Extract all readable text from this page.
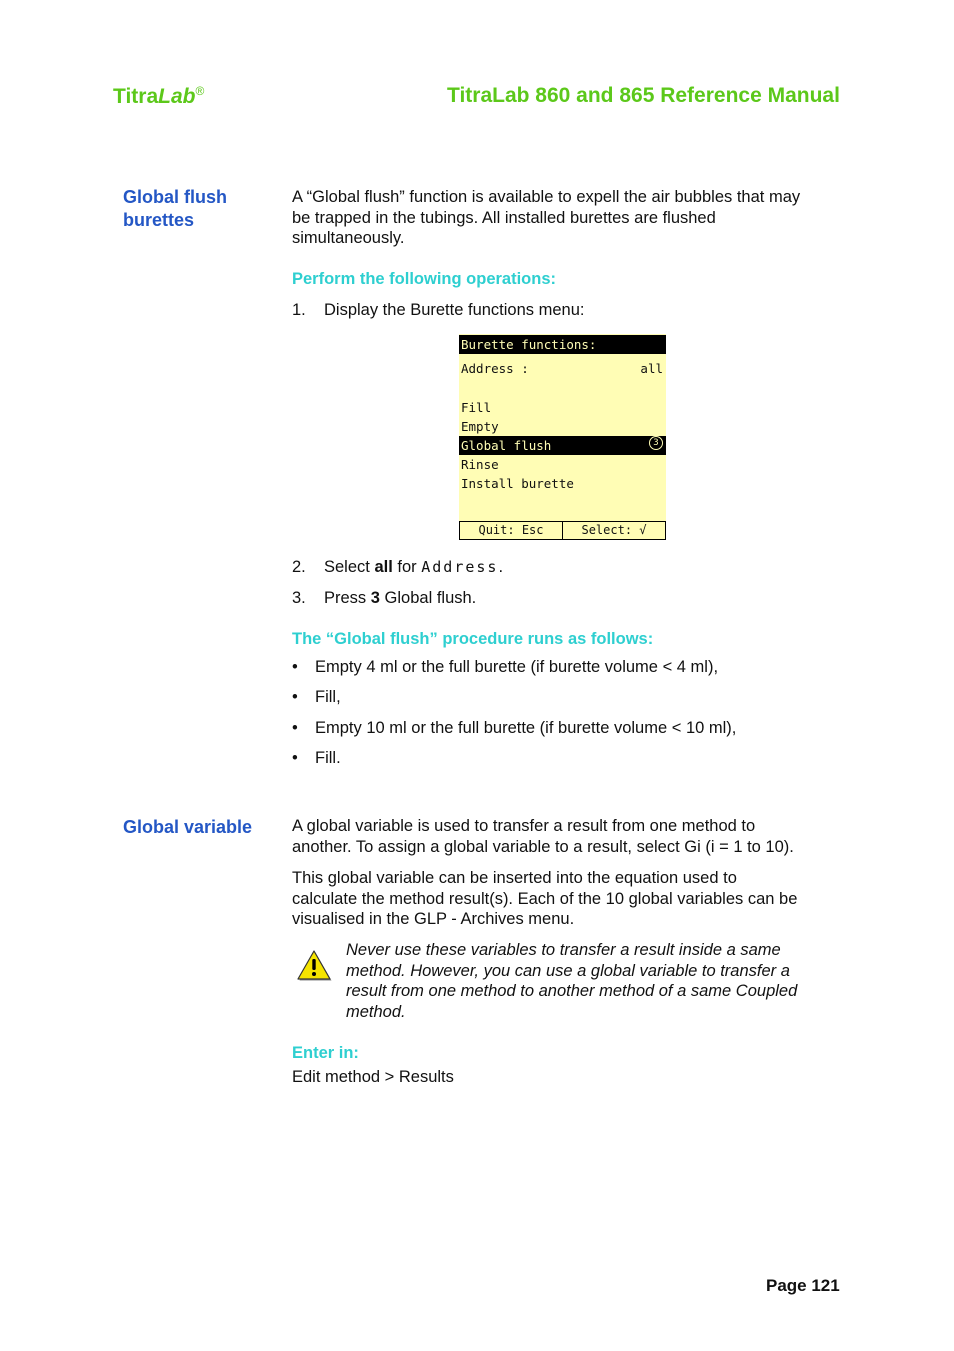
TitraLab®	TitraLab 860 and 865 Reference Manual
Global flush
burettes
A “Global flush” function is available to expell the air bubbles that may
be trapped in the tubings. All installed burettes are flushed
simultaneously.
Perform the following operations:
1. Display the Burette functions menu:
Burette functions:
Address :	all
Fill
Empty
Global flush	3
Rinse
Install burette
Quit: Esc	Select: √
2. Select all for Address.
3. Press 3 Global flush.
The “Global flush” procedure runs as follows:
• Empty 4 ml or the full burette (if burette volume < 4 ml),
• Fill,
• Empty 10 ml or the full burette (if burette volume < 10 ml),
• Fill.
Global variable A global variable is used to transfer a result from one method to
another. To assign a global variable to a result, select Gi (i = 1 to 10).
This global variable can be inserted into the equation used to
calculate the method result(s). Each of the 10 global variables can be
visualised in the GLP - Archives menu.
Never use these variables to transfer a result inside a same
method. However, you can use a global variable to transfer a
result from one method to another method of a same Coupled
method.
Enter in:
Edit method > Results
Page 121
